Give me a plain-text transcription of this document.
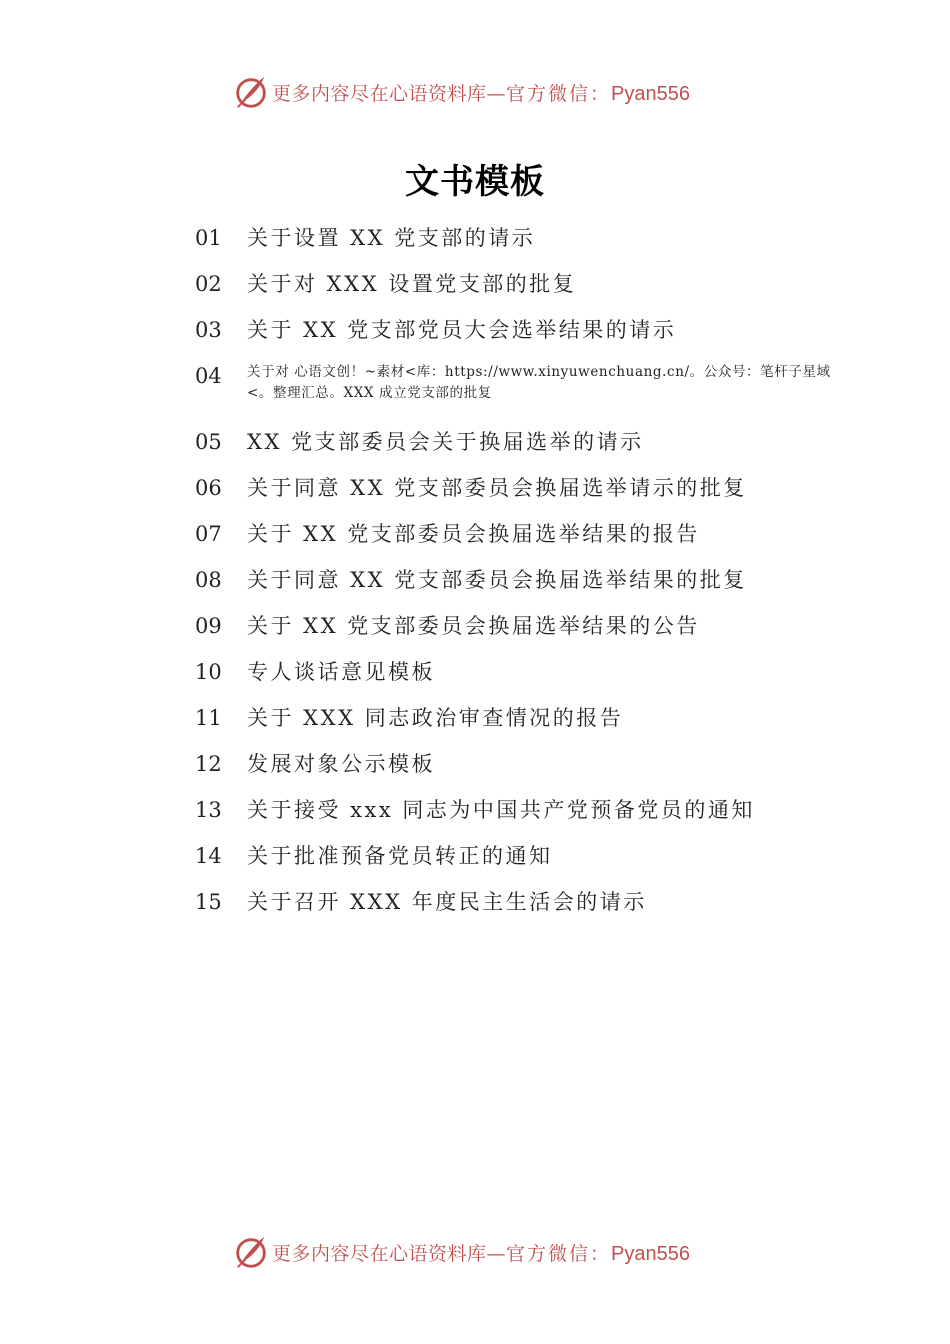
更多内容尽在心语资料库—官方微信：Pyan556
文书模板
01	关于设置 XX 党支部的请示
02	关于对 XXX 设置党支部的批复
03	关于 XX 党支部党员大会选举结果的请示
04	关于对 心语文创！~素材<库：https://www.xinyuwenchuang.cn/。公众号：笔杆子星域<。整理汇总。XXX 成立党支部的批复
05	XX 党支部委员会关于换届选举的请示
06	关于同意 XX 党支部委员会换届选举请示的批复
07	关于 XX 党支部委员会换届选举结果的报告
08	关于同意 XX 党支部委员会换届选举结果的批复
09	关于 XX 党支部委员会换届选举结果的公告
10	专人谈话意见模板
11	关于 XXX 同志政治审查情况的报告
12	发展对象公示模板
13	关于接受 xxx 同志为中国共产党预备党员的通知
14	关于批准预备党员转正的通知
15	关于召开 XXX 年度民主生活会的请示
更多内容尽在心语资料库—官方微信：Pyan556
